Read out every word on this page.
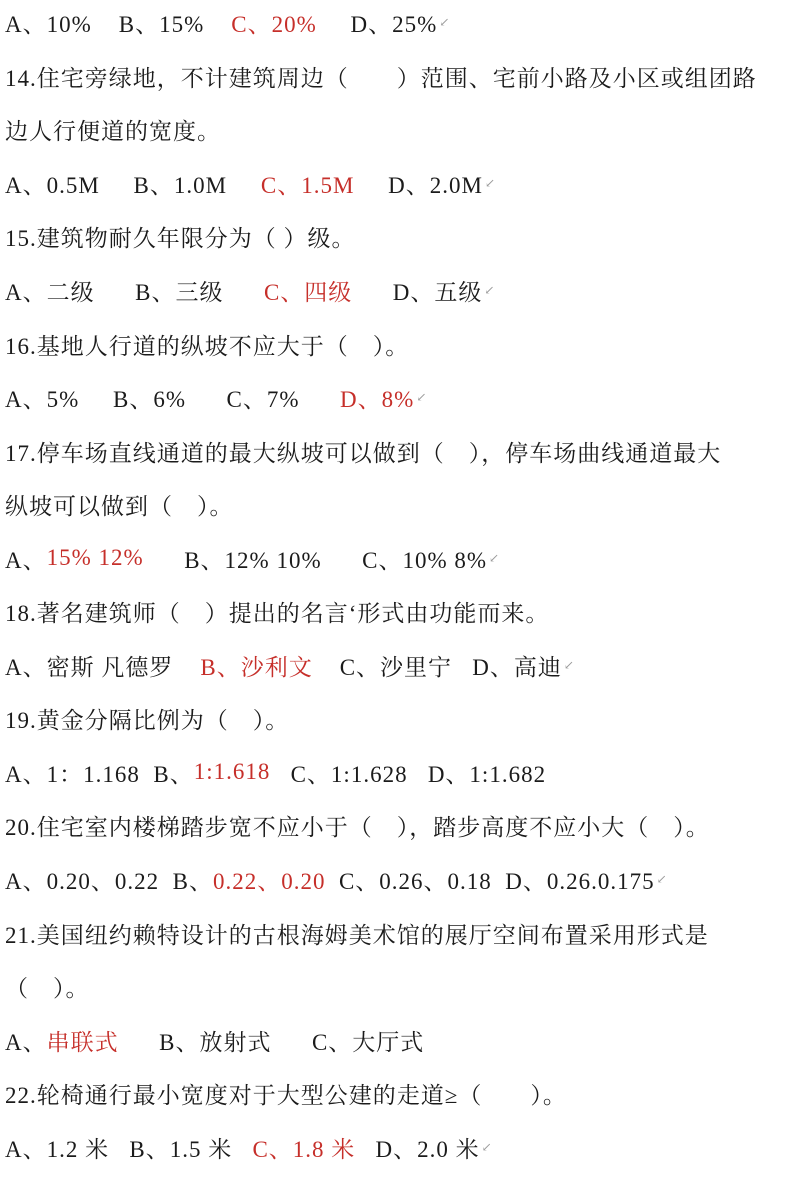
A、10%    B、15% C、20% D、25% ↙
14.住宅旁绿地，不计建筑周边（　　）范围、宅前小路及小区或组团路
边人行便道的宽度。
A、0.5M     B、1.0M C、1.5M D、2.0M ↙
15.建筑物耐久年限分为（ ）级。
A、二级      B、三级 C、四级 D、五级 ↙
16.基地人行道的纵坡不应大于（　）。
A、5%     B、6%      C、7% D、8% ↙
17.停车场直线通道的最大纵坡可以做到（　），停车场曲线通道最大
纵坡可以做到（　）。
A、 15% 12% B、12% 10%      C、10% 8% ↙
18.著名建筑师（　）提出的名言‘形式由功能而来。
A、密斯 凡德罗 B、沙利文 C、沙里宁   D、高迪 ↙
19.黄金分隔比例为（　）。
A、1：1.168  B、 1:1.618 C、1:1.628   D、1:1.682
20.住宅室内楼梯踏步宽不应小于（　），踏步高度不应小大（　）。
A、0.20、0.22  B、 0.22、0.20 C、0.26、0.18  D、0.26.0.175 ↙
21.美国纽约赖特设计的古根海姆美术馆的展厅空间布置采用形式是
（　）。
A、 串联式 B、放射式      C、大厅式
22.轮椅通行最小宽度对于大型公建的走道≥（　　）。
A、1.2 米   B、1.5 米 C、1.8 米 D、2.0 米 ↙
